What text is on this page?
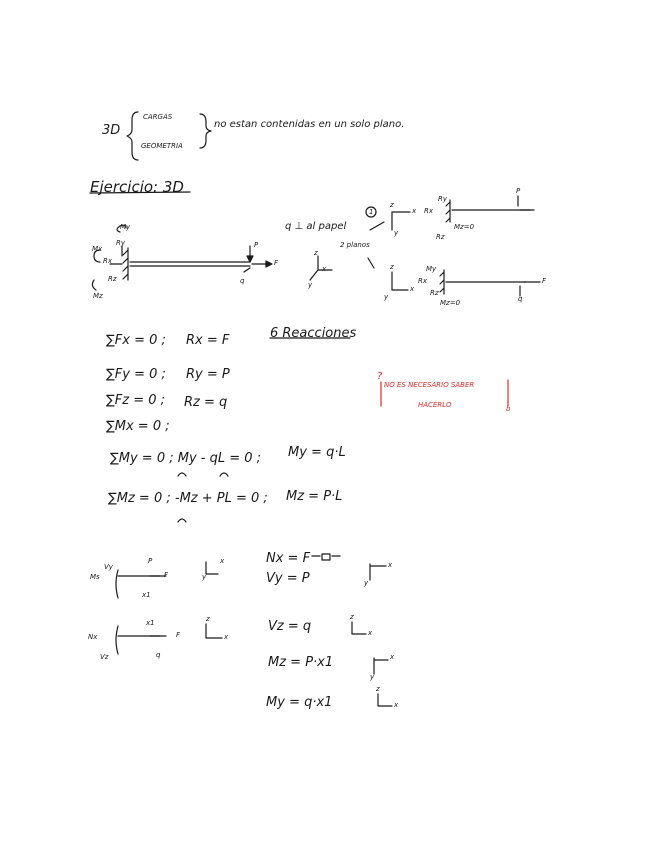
3D
CARGAS
GEOMETRIA
no estan contenidas en un solo plano.
Ejercicio: 3D
Mx
Ry
Rx
Rz
Mz
My
P
F
q
q ⊥ al papel
1
2 planos
x
y
z
z
x
y
Ry
Rx
Rz
Mz=0
P
z
x
y
My
Rx
Rz
Mz=0
F
q
∑Fx = 0 ; Rx = F
∑Fy = 0 ; Ry = P
∑Fz = 0 ; Rz = q
∑Mx = 0 ;
∑My = 0 ; My - qL = 0 ; My = q·L
∑Mz = 0 ; -Mz + PL = 0 ; Mz = P·L
6 Reacciones
NO ES NECESARIO SABER
HACERLO
?
b
Vy
Ms
P
F
x1
x
y
Nx = F
Vy = P
x
y
Nx
Vz
x1
F
q
z
x
Vz = q
z
x
Mz = P·x1	x
y
My = q·x1
z
x
